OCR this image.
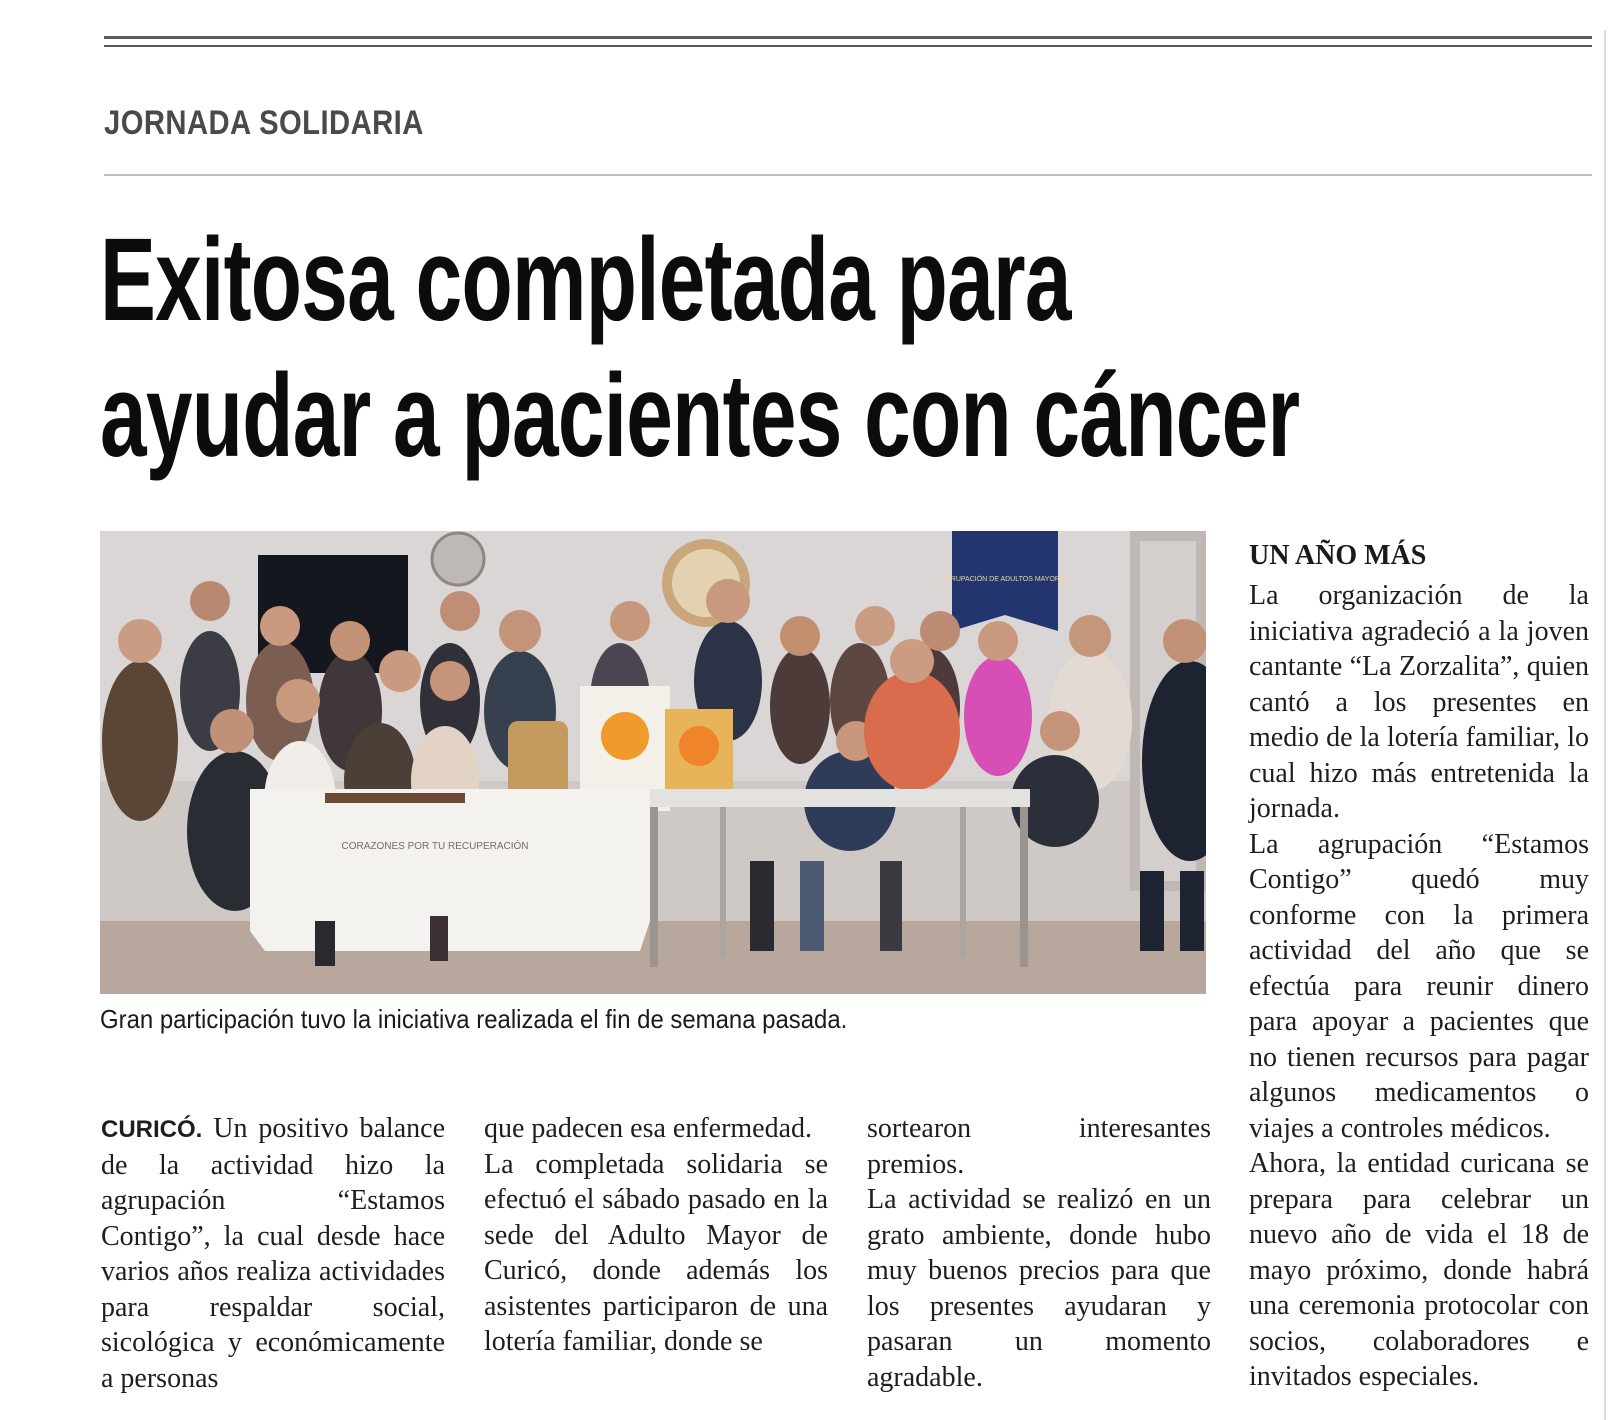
JORNADA SOLIDARIA
Exitosa completada para
ayudar a pacientes con cáncer
AGRUPACIÓN DE ADULTOS MAYORES
CORAZONES POR TU RECUPERACIÓN
Gran participación tuvo la iniciativa realizada el fin de semana pasada.

CURICÓ. Un positivo balance de la actividad hizo la agrupación “Estamos Contigo”, la cual desde hace varios años realiza actividades para respaldar social, sicológica y económicamente a personas

que padecen esa enfermedad.

La completada solidaria se efectuó el sábado pasado en la sede del Adulto Mayor de Curicó, donde además los asistentes participaron de una lotería familiar, donde se

sortearon interesantes premios.

La actividad se realizó en un grato ambiente, donde hubo muy buenos precios para que los presentes ayudaran y pasaran un momento agradable.

UN AÑO MÁS

La organización de la iniciativa agradeció a la joven cantante “La Zorzalita”, quien cantó a los presentes en medio de la lotería familiar, lo cual hizo más entretenida la jornada.

La agrupación “Estamos Contigo” quedó muy conforme con la primera actividad del año que se efectúa para reunir dinero para apoyar a pacientes que no tienen recursos para pagar algunos medicamentos o viajes a controles médicos.

Ahora, la entidad curicana se prepara para celebrar un nuevo año de vida el 18 de mayo próximo, donde habrá una ceremonia protocolar con socios, colaboradores e invitados especiales.
